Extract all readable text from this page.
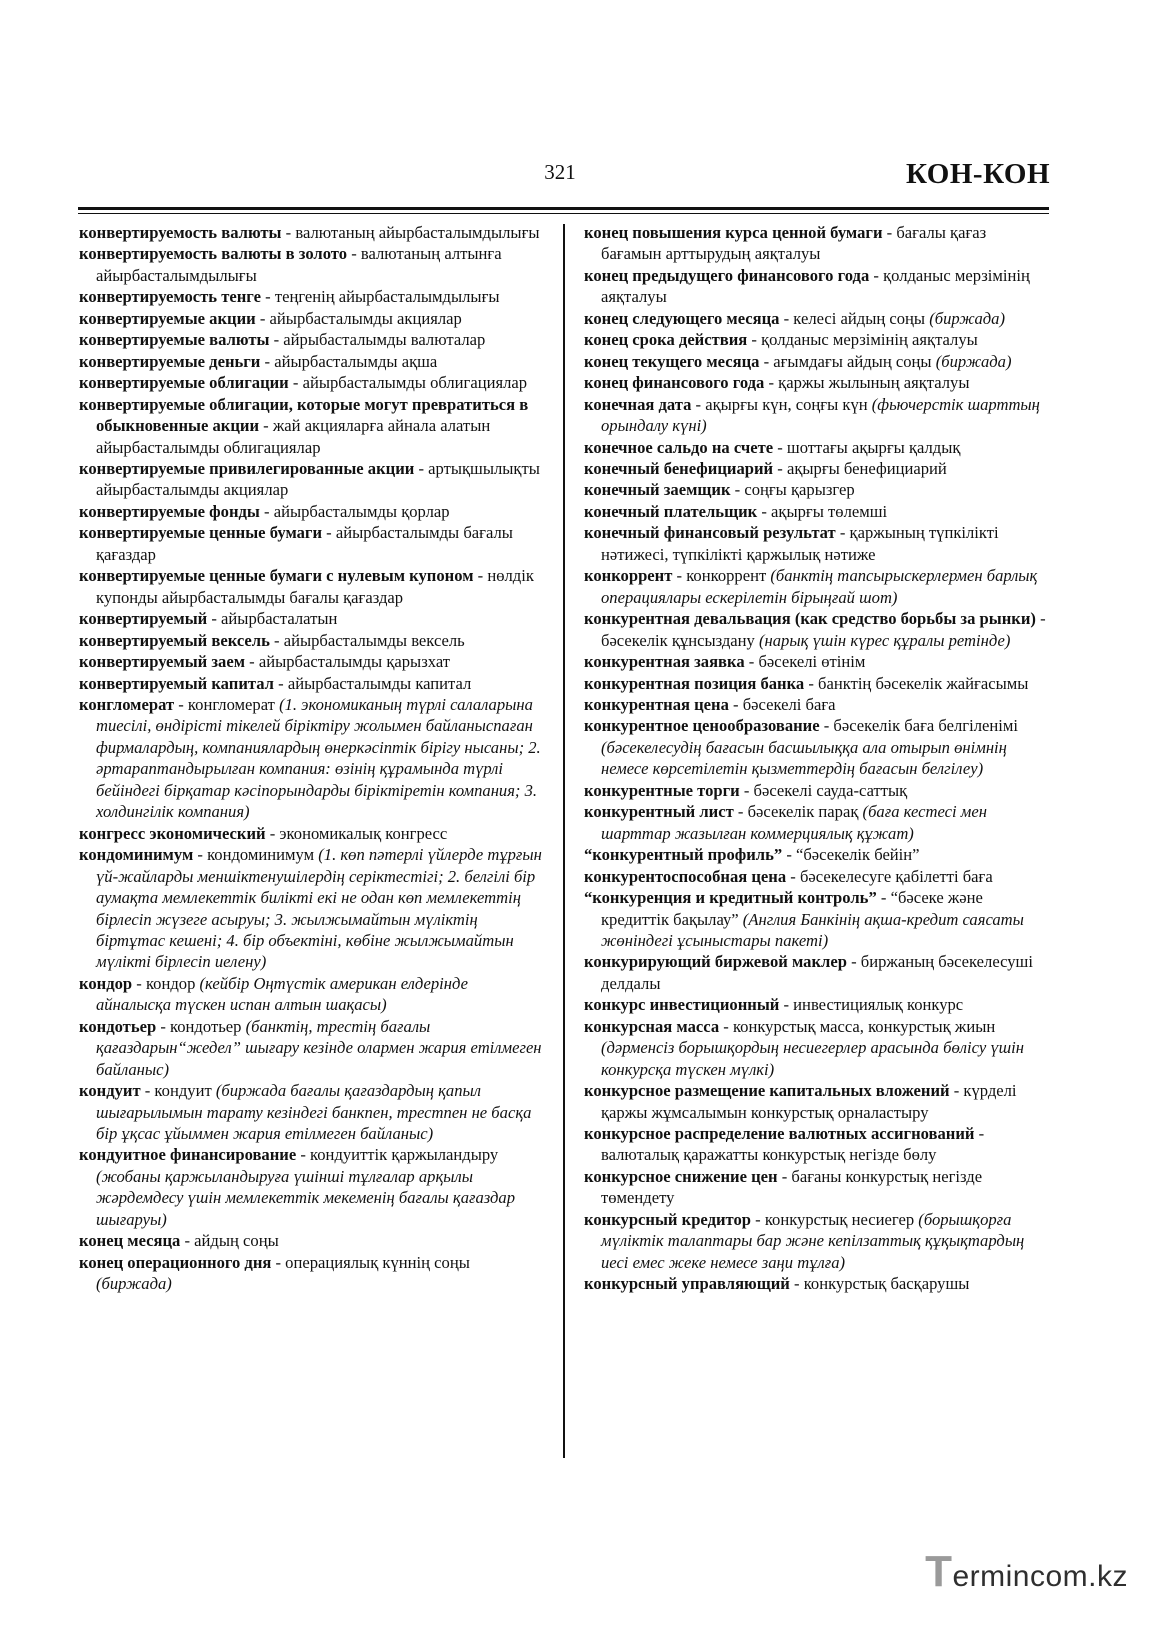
321	КОН-КОН

конвертируемость валюты - валютаның айырбасталымдылығы

конвертируемость валюты в золото - валютаның алтынға айырбасталымдылығы

конвертируемость тенге - теңгенің айырбасталымдылығы

конвертируемые акции - айырбасталымды акциялар

конвертируемые валюты - айрыбасталымды валюталар

конвертируемые деньги - айырбасталымды ақша

конвертируемые облигации - айырбасталымды облигациялар

конвертируемые облигации, которые могут превратиться в обыкновенные акции - жай акцияларға айнала алатын айырбасталымды облигациялар

конвертируемые привилегированные акции - артықшылықты айырбасталымды акциялар

конвертируемые фонды - айырбасталымды қорлар

конвертируемые ценные бумаги - айырбасталымды бағалы қағаздар

конвертируемые ценные бумаги с нулевым купоном - нөлдік купонды айырбасталымды бағалы қағаздар

конвертируемый - айырбасталатын

конвертируемый вексель - айырбасталымды вексель

конвертируемый заем - айырбасталымды қарызхат

конвертируемый капитал - айырбасталымды капитал

конгломерат - конгломерат (1. экономиканың түрлі салаларына тиесілі, өндірісті тікелей біріктіру жолымен байланыспаған фирмалардың, компаниялардың өнеркәсіптік бірігу нысаны; 2. әртараптандырылған компания: өзінің құрамында түрлі бейіндегі бірқатар кәсіпорындарды біріктіретін компания; 3. холдингілік компания)

конгресс экономический - экономикалық конгресс

кондоминимум - кондоминимум (1. көп пәтерлі үйлерде тұрғын үй-жайларды меншіктенушілердің серіктестігі; 2. белгілі бір аумақта мемлекеттік билікті екі не одан көп мемлекеттің бірлесіп жүзеге асыруы; 3. жылжымайтын мүліктің біртұтас кешені; 4. бір объектіні, көбіне жылжымайтын мүлікті бірлесіп иелену)

кондор - кондор (кейбір Оңтүстік американ елдерінде айналысқа түскен испан алтын шақасы)

кондотьер - кондотьер (банктің, трестің бағалы қағаздарын“жедел” шығару кезінде олармен жария етілмеген байланыс)

кондуит - кондуит (биржада бағалы қағаздардың қапыл шығарылымын тарату кезіндегі банкпен, трестпен не басқа бір ұқсас ұйыммен жария етілмеген байланыс)

кондуитное финансирование - кондуиттік қаржыландыру (жобаны қаржыландыруға үшінші тұлғалар арқылы жәрдемдесу үшін мемлекеттік мекеменің бағалы қағаздар шығаруы)

конец месяца - айдың соңы

конец операционного дня - операциялық күннің соңы (биржада)

конец повышения курса ценной бумаги - бағалы қағаз бағамын арттырудың аяқталуы

конец предыдущего финансового года - қолданыс мерзімінің аяқталуы

конец следующего месяца - келесі айдың соңы (биржада)

конец срока действия - қолданыс мерзімінің аяқталуы

конец текущего месяца - ағымдағы айдың соңы (биржада)

конец финансового года - қаржы жылының аяқталуы

конечная дата - ақырғы күн, соңғы күн (фьючерстік шарттың орындалу күні)

конечное сальдо на счете - шоттағы ақырғы қалдық

конечный бенефициарий - ақырғы бенефициарий

конечный заемщик - соңғы қарызгер

конечный плательщик - ақырғы төлемші

конечный финансовый результат - қаржының түпкілікті нәтижесі, түпкілікті қаржылық нәтиже

конкоррент - конкоррент (банктің тапсырыскерлермен барлық операциялары ескерілетін бірыңғай шот)

конкурентная девальвация (как средство борьбы за рынки) - бәсекелік құнсыздану (нарық үшін күрес құралы ретінде)

конкурентная заявка - бәсекелі өтінім

конкурентная позиция банка - банктің бәсекелік жайғасымы

конкурентная цена - бәсекелі баға

конкурентное ценообразование - бәсекелік баға белгіленімі (бәсекелесудің бағасын басшылыққа ала отырып өнімнің немесе көрсетілетін қызметтердің бағасын белгілеу)

конкурентные торги - бәсекелі сауда-саттық

конкурентный лист - бәсекелік парақ (баға кестесі мен шарттар жазылған коммерциялық құжат)

“конкурентный профиль” - “бәсекелік бейін”

конкурентоспособная цена - бәсекелесуге қабілетті баға

“конкуренция и кредитный контроль” - “бәсеке және кредиттік бақылау” (Англия Банкінің ақша-кредит саясаты жөніндегі ұсыныстары пакеті)

конкурирующий биржевой маклер - биржаның бәсекелесуші делдалы

конкурс инвестиционный - инвестициялық конкурс

конкурсная масса - конкурстық масса, конкурстық жиын (дәрменсіз борышқордың несиегерлер арасында бөлісу үшін конкурсқа түскен мүлкі)

конкурсное размещение капитальных вложений - күрделі қаржы жұмсалымын конкурстық орналастыру

конкурсное распределение валютных ассигнований - валюталық қаражатты конкурстық негізде бөлу

конкурсное снижение цен - бағаны конкурстық негізде төмендету

конкурсный кредитор - конкурстық несиегер (борышқорға мүліктік талаптары бар және кепілзаттық құқықтардың иесі емес жеке немесе заңи тұлға)

конкурсный управляющий - конкурстық басқарушы

Termincom.kz
